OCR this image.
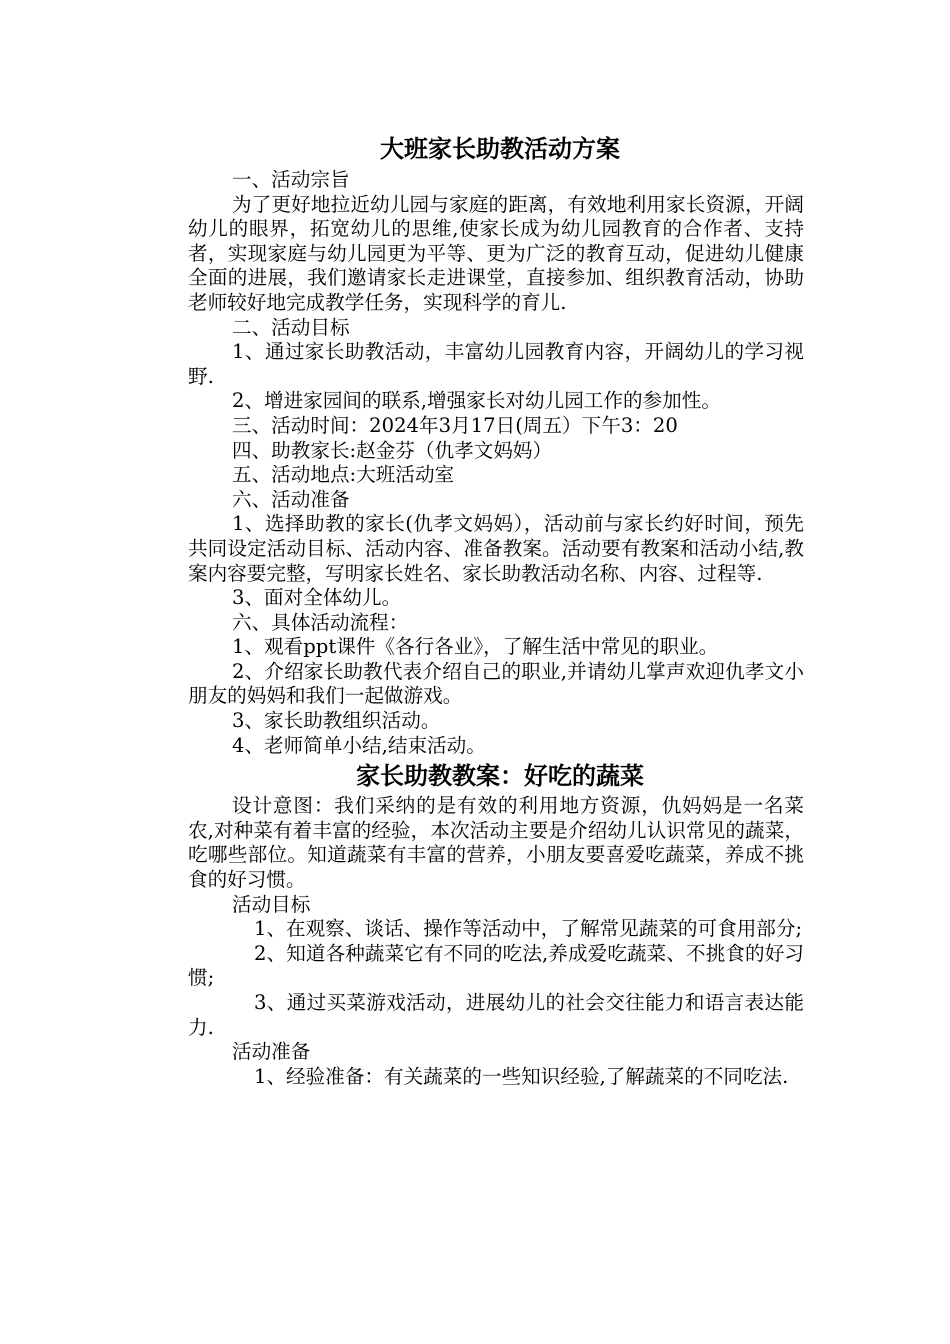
大班家长助教活动方案

一、活动宗旨

为了更好地拉近幼儿园与家庭的距离，有效地利用家长资源，开阔幼儿的眼界，拓宽幼儿的思维,使家长成为幼儿园教育的合作者、支持者，实现家庭与幼儿园更为平等、更为广泛的教育互动，促进幼儿健康全面的进展，我们邀请家长走进课堂，直接参加、组织教育活动，协助老师较好地完成教学任务，实现科学的育儿.

二、活动目标

1、通过家长助教活动，丰富幼儿园教育内容，开阔幼儿的学习视野.

2、增进家园间的联系,增强家长对幼儿园工作的参加性。

三、活动时间：2024年3月17日(周五）下午3：20

四、助教家长:赵金芬（仇孝文妈妈）

五、活动地点:大班活动室

六、活动准备

1、选择助教的家长(仇孝文妈妈），活动前与家长约好时间，预先共同设定活动目标、活动内容、准备教案。活动要有教案和活动小结,教案内容要完整，写明家长姓名、家长助教活动名称、内容、过程等.

3、面对全体幼儿。

六、具体活动流程：

1、观看ppt课件《各行各业》，了解生活中常见的职业。

2、介绍家长助教代表介绍自己的职业,并请幼儿掌声欢迎仇孝文小朋友的妈妈和我们一起做游戏。

3、家长助教组织活动。

4、老师简单小结,结束活动。

家长助教教案：好吃的蔬菜

设计意图：我们采纳的是有效的利用地方资源，仇妈妈是一名菜农,对种菜有着丰富的经验，本次活动主要是介绍幼儿认识常见的蔬菜，吃哪些部位。知道蔬菜有丰富的营养，小朋友要喜爱吃蔬菜，养成不挑食的好习惯。

活动目标

1、在观察、谈话、操作等活动中，了解常见蔬菜的可食用部分;

2、知道各种蔬菜它有不同的吃法,养成爱吃蔬菜、不挑食的好习惯;

3、通过买菜游戏活动，进展幼儿的社会交往能力和语言表达能力.

活动准备

1、经验准备：有关蔬菜的一些知识经验,了解蔬菜的不同吃法.
